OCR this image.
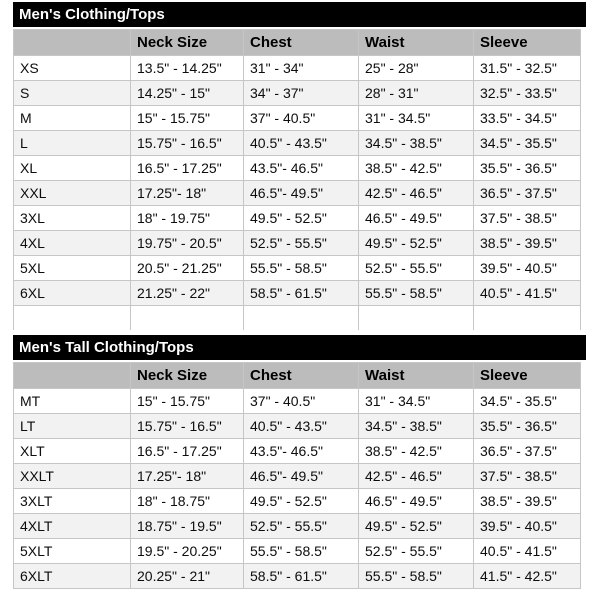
Men's Clothing/Tops
	Neck Size	Chest	Waist	Sleeve
XS	13.5" - 14.25"	31" - 34"	25" - 28"	31.5" - 32.5"
S	14.25" - 15"	34" - 37"	28" - 31"	32.5" - 33.5"
M	15" - 15.75"	37" - 40.5"	31" - 34.5"	33.5" - 34.5"
L	15.75" - 16.5"	40.5" - 43.5"	34.5" - 38.5"	34.5" - 35.5"
XL	16.5" - 17.25"	43.5"- 46.5"	38.5" - 42.5"	35.5" - 36.5"
XXL	17.25"- 18"	46.5"- 49.5"	42.5" - 46.5"	36.5" - 37.5"
3XL	18" - 19.75"	49.5" - 52.5"	46.5" - 49.5"	37.5" - 38.5"
4XL	19.75" - 20.5"	52.5" - 55.5"	49.5" - 52.5"	38.5" - 39.5"
5XL	20.5" - 21.25"	55.5" - 58.5"	52.5" - 55.5"	39.5" - 40.5"
6XL	21.25" - 22"	58.5" - 61.5"	55.5" - 58.5"	40.5" - 41.5"

Men's Tall Clothing/Tops
	Neck Size	Chest	Waist	Sleeve
MT	15" - 15.75"	37" - 40.5"	31" - 34.5"	34.5" - 35.5"
LT	15.75" - 16.5"	40.5" - 43.5"	34.5" - 38.5"	35.5" - 36.5"
XLT	16.5" - 17.25"	43.5"- 46.5"	38.5" - 42.5"	36.5" - 37.5"
XXLT	17.25"- 18"	46.5"- 49.5"	42.5" - 46.5"	37.5" - 38.5"
3XLT	18" - 18.75"	49.5" - 52.5"	46.5" - 49.5"	38.5" - 39.5"
4XLT	18.75" - 19.5"	52.5" - 55.5"	49.5" - 52.5"	39.5" - 40.5"
5XLT	19.5" - 20.25"	55.5" - 58.5"	52.5" - 55.5"	40.5" - 41.5"
6XLT	20.25" - 21"	58.5" - 61.5"	55.5" - 58.5"	41.5" - 42.5"
